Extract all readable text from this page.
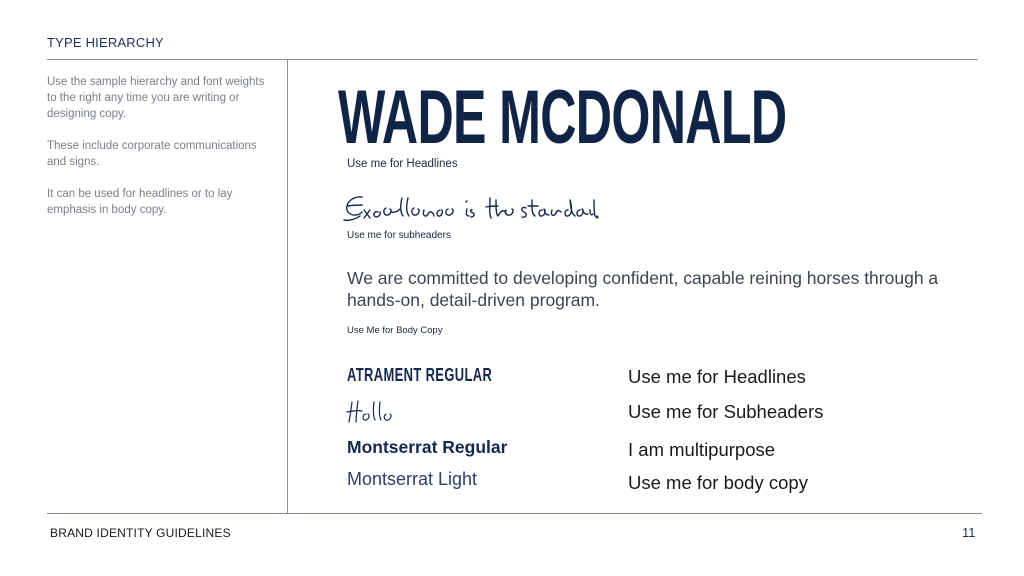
TYPE HIERARCHY
Use the sample hierarchy and font weights to the right any time you are writing or designing copy.
These include corporate communications and signs.
It can be used for headlines or to lay emphasis in body copy.
WADE MCDONALD
Use me for Headlines
Use me for subheaders
We are committed to developing confident, capable reining horses through a hands-on, detail-driven program.
Use Me for Body Copy
ATRAMENT REGULAR
Montserrat Regular
Montserrat Light
Use me for Headlines
Use me for Subheaders
I am multipurpose
Use me for body copy
BRAND IDENTITY GUIDELINES	11
